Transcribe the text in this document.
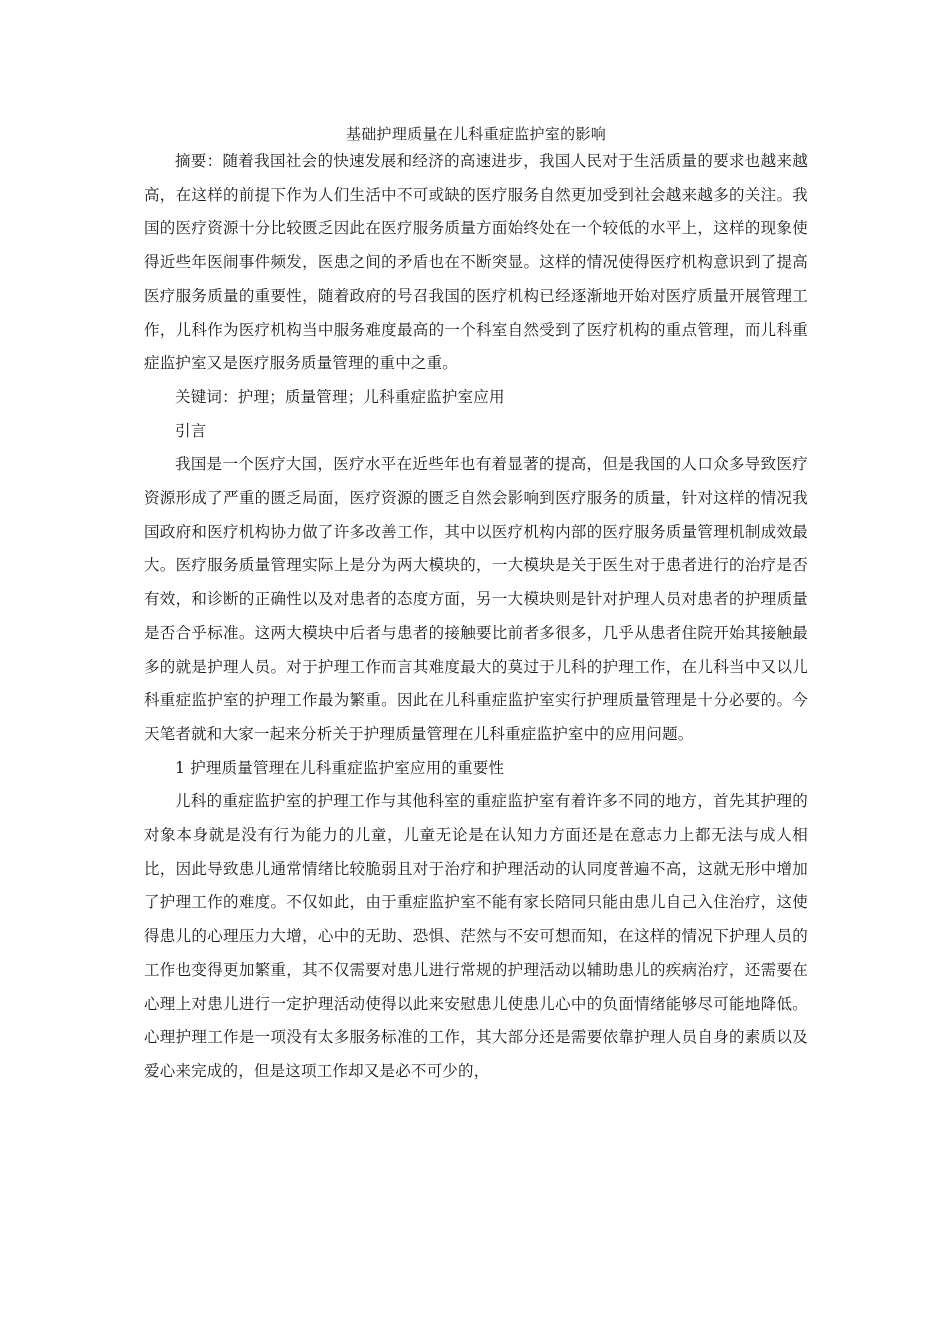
基础护理质量在儿科重症监护室的影响

摘要：随着我国社会的快速发展和经济的高速进步，我国人民对于生活质量的要求也越来越高，在这样的前提下作为人们生活中不可或缺的医疗服务自然更加受到社会越来越多的关注。我国的医疗资源十分比较匮乏因此在医疗服务质量方面始终处在一个较低的水平上，这样的现象使得近些年医闹事件频发，医患之间的矛盾也在不断突显。这样的情况使得医疗机构意识到了提高医疗服务质量的重要性，随着政府的号召我国的医疗机构已经逐渐地开始对医疗质量开展管理工作，儿科作为医疗机构当中服务难度最高的一个科室自然受到了医疗机构的重点管理，而儿科重症监护室又是医疗服务质量管理的重中之重。

关键词：护理；质量管理；儿科重症监护室应用

引言

我国是一个医疗大国，医疗水平在近些年也有着显著的提高，但是我国的人口众多导致医疗资源形成了严重的匮乏局面，医疗资源的匮乏自然会影响到医疗服务的质量，针对这样的情况我国政府和医疗机构协力做了许多改善工作，其中以医疗机构内部的医疗服务质量管理机制成效最大。医疗服务质量管理实际上是分为两大模块的，一大模块是关于医生对于患者进行的治疗是否有效，和诊断的正确性以及对患者的态度方面，另一大模块则是针对护理人员对患者的护理质量是否合乎标准。这两大模块中后者与患者的接触要比前者多很多，几乎从患者住院开始其接触最多的就是护理人员。对于护理工作而言其难度最大的莫过于儿科的护理工作，在儿科当中又以儿科重症监护室的护理工作最为繁重。因此在儿科重症监护室实行护理质量管理是十分必要的。今天笔者就和大家一起来分析关于护理质量管理在儿科重症监护室中的应用问题。

1 护理质量管理在儿科重症监护室应用的重要性

儿科的重症监护室的护理工作与其他科室的重症监护室有着许多不同的地方，首先其护理的对象本身就是没有行为能力的儿童，儿童无论是在认知力方面还是在意志力上都无法与成人相比，因此导致患儿通常情绪比较脆弱且对于治疗和护理活动的认同度普遍不高，这就无形中增加了护理工作的难度。不仅如此，由于重症监护室不能有家长陪同只能由患儿自己入住治疗，这使得患儿的心理压力大增，心中的无助、恐惧、茫然与不安可想而知，在这样的情况下护理人员的工作也变得更加繁重，其不仅需要对患儿进行常规的护理活动以辅助患儿的疾病治疗，还需要在心理上对患儿进行一定护理活动使得以此来安慰患儿使患儿心中的负面情绪能够尽可能地降低。心理护理工作是一项没有太多服务标准的工作，其大部分还是需要依靠护理人员自身的素质以及爱心来完成的，但是这项工作却又是必不可少的，
